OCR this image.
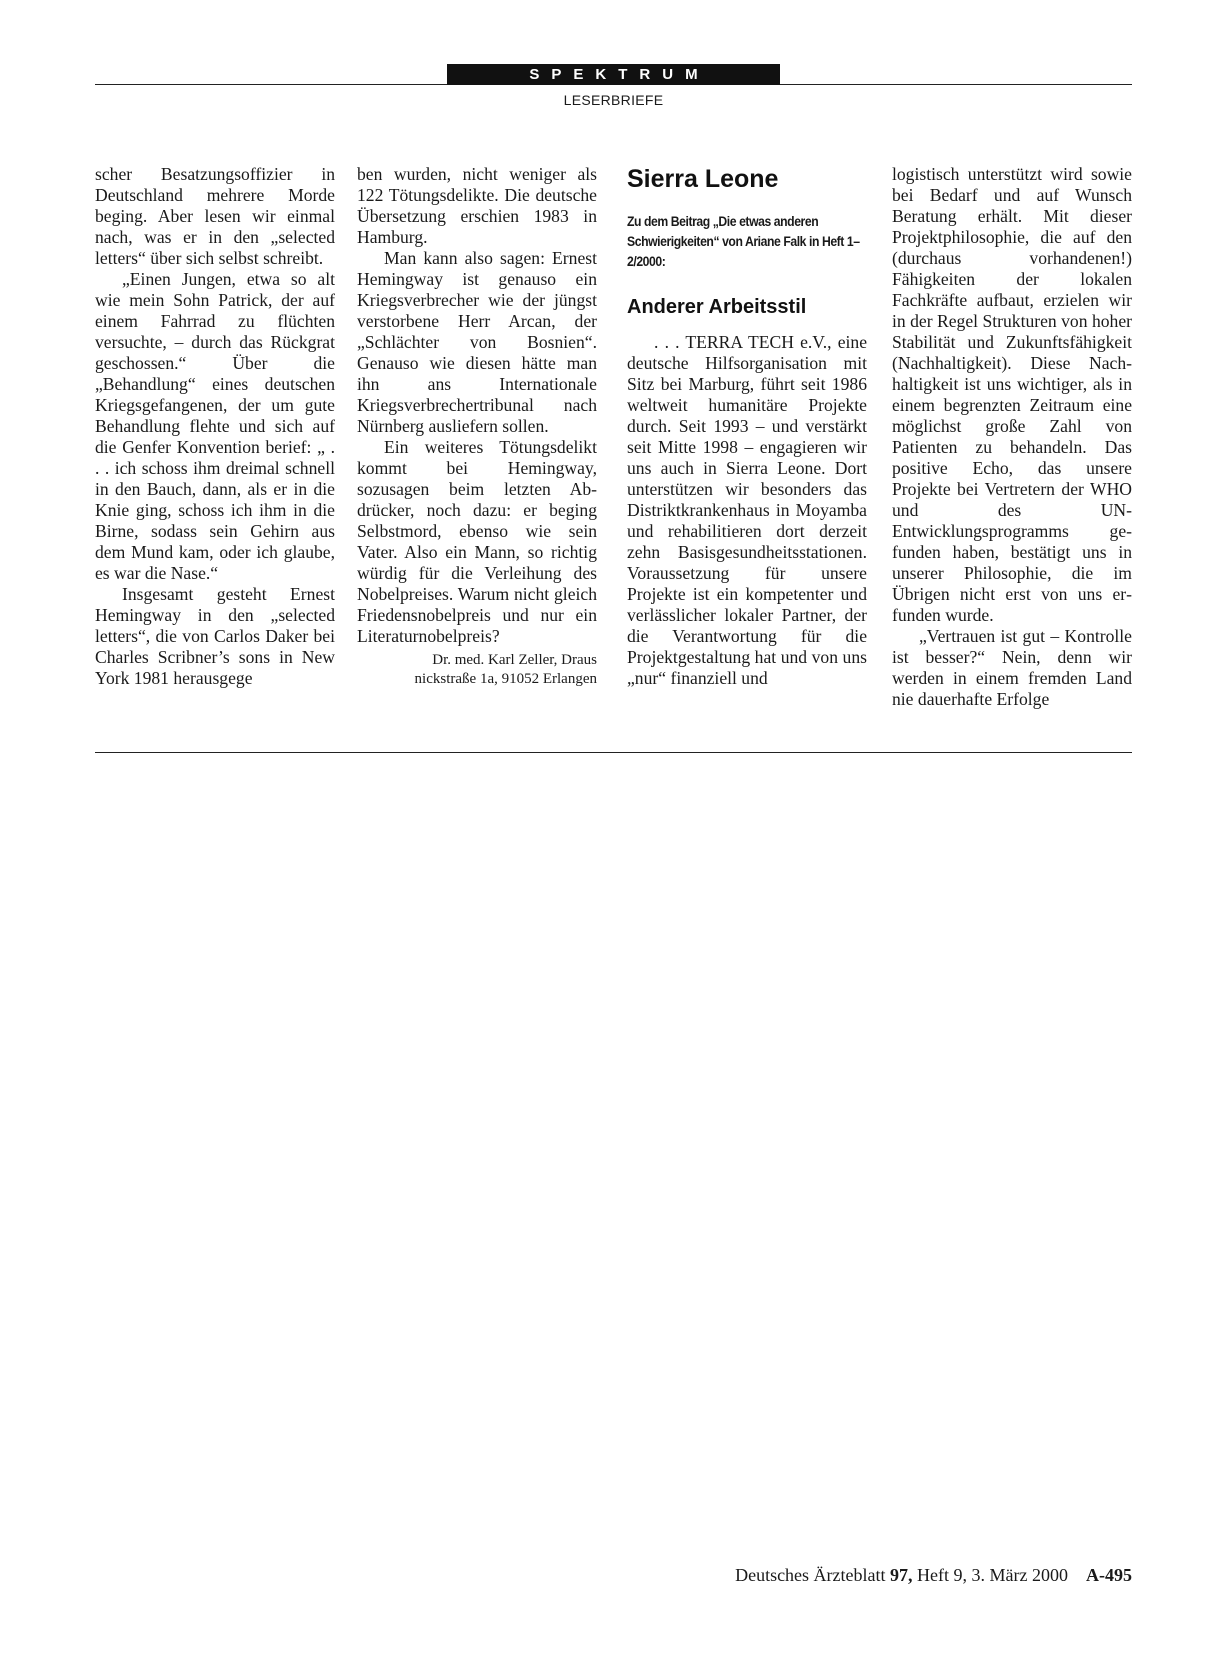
SPEKTRUM
LESERBRIEFE

scher Besatzungsoffizier in Deutschland mehrere Morde beging. Aber lesen wir einmal nach, was er in den „selected letters“ über sich selbst schreibt.

„Einen Jungen, etwa so alt wie mein Sohn Patrick, der auf einem Fahrrad zu flüchten versuchte, – durch das Rückgrat geschossen.“ Über die „Behandlung“ eines deutschen Kriegsgefangenen, der um gute Behandlung flehte und sich auf die Genfer Konvention berief: „ . . . ich schoss ihm dreimal schnell in den Bauch, dann, als er in die Knie ging, schoss ich ihm in die Birne, sodass sein Gehirn aus dem Mund kam, oder ich glaube, es war die Nase.“

Insgesamt gesteht Ernest Hemingway in den „selected letters“, die von Carlos Daker bei Charles Scribner’s sons in New York 1981 herausgege

ben wurden, nicht weniger als 122 Tötungsdelikte. Die deutsche Übersetzung erschien 1983 in Hamburg.

Man kann also sagen: Ernest Hemingway ist genauso ein Kriegsverbrecher wie der jüngst verstorbene Herr Arcan, der „Schlächter von Bosnien“. Genauso wie diesen hätte man ihn ans Internationale Kriegsverbrechertribunal nach Nürnberg ausliefern sollen.

Ein weiteres Tötungsdelikt kommt bei Hemingway, sozusagen beim letzten Abdrücker, noch dazu: er beging Selbstmord, ebenso wie sein Vater. Also ein Mann, so richtig würdig für die Verleihung des Nobelpreises. Warum nicht gleich Friedensnobelpreis und nur ein Literaturnobelpreis?

Dr. med. Karl Zeller, Draus
nickstraße 1a, 91052 Erlangen

Sierra Leone
Zu dem Beitrag „Die etwas anderen Schwierigkeiten“ von Ariane Falk in Heft 1–2/2000:
Anderer Arbeitsstil

. . . TERRA TECH e.V., eine deutsche Hilfsorganisation mit Sitz bei Marburg, führt seit 1986 weltweit humanitäre Projekte durch. Seit 1993 – und verstärkt seit Mitte 1998 – engagieren wir uns auch in Sierra Leone. Dort unterstützen wir besonders das Distriktkrankenhaus in Moyamba und rehabilitieren dort derzeit zehn Basisgesundheitsstationen. Voraussetzung für unsere Projekte ist ein kompetenter und verlässlicher lokaler Partner, der die Verantwortung für die Projektgestaltung hat und von uns „nur“ finanziell und

logistisch unterstützt wird sowie bei Bedarf und auf Wunsch Beratung erhält. Mit dieser Projektphilosophie, die auf den (durchaus vorhandenen!) Fähigkeiten der lokalen Fachkräfte aufbaut, erzielen wir in der Regel Strukturen von hoher Stabilität und Zukunftsfähigkeit (Nachhaltigkeit). Diese Nachhaltigkeit ist uns wichtiger, als in einem begrenzten Zeitraum eine möglichst große Zahl von Patienten zu behandeln. Das positive Echo, das unsere Projekte bei Vertretern der WHO und des UN-Entwicklungsprogramms gefunden haben, bestätigt uns in unserer Philosophie, die im Übrigen nicht erst von uns erfunden wurde.

„Vertrauen ist gut – Kontrolle ist besser?“ Nein, denn wir werden in einem fremden Land nie dauerhafte Erfolge

Deutsches Ärzteblatt 97, Heft 9, 3. März 2000 A-495
